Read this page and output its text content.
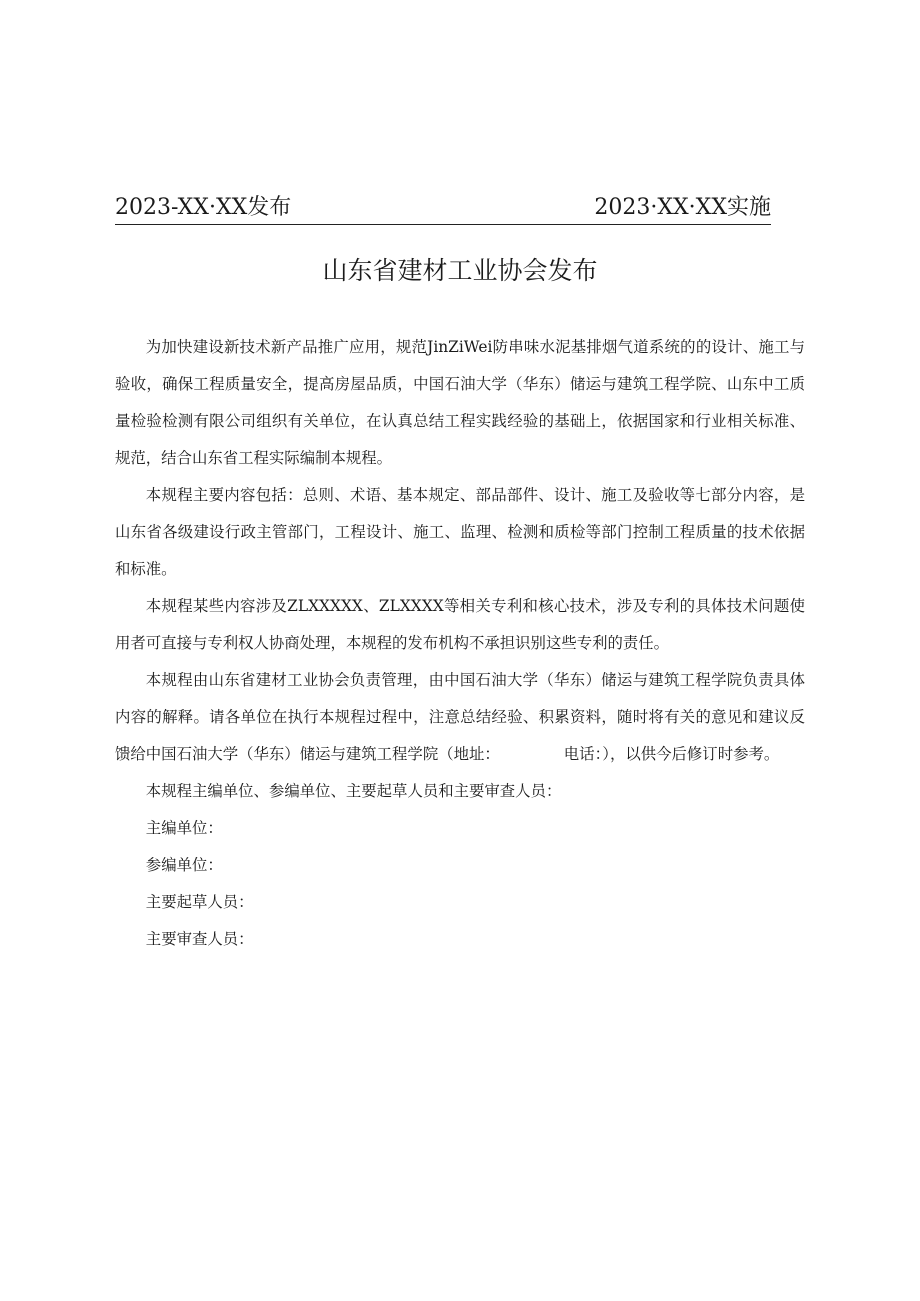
2023-XX·XX发布	2023·XX·XX实施
山东省建材工业协会发布

为加快建设新技术新产品推广应用，规范JinZiWei防串味水泥基排烟气道系统的的设计、施工与验收，确保工程质量安全，提高房屋品质，中国石油大学（华东）储运与建筑工程学院、山东中工质量检验检测有限公司组织有关单位，在认真总结工程实践经验的基础上，依据国家和行业相关标准、规范，结合山东省工程实际编制本规程。

本规程主要内容包括：总则、术语、基本规定、部品部件、设计、施工及验收等七部分内容，是山东省各级建设行政主管部门，工程设计、施工、监理、检测和质检等部门控制工程质量的技术依据和标准。

本规程某些内容涉及ZLXXXXX、ZLXXXX等相关专利和核心技术，涉及专利的具体技术问题使用者可直接与专利权人协商处理，本规程的发布机构不承担识别这些专利的责任。

本规程由山东省建材工业协会负责管理，由中国石油大学（华东）储运与建筑工程学院负责具体内容的解释。请各单位在执行本规程过程中，注意总结经验、积累资料，随时将有关的意见和建议反馈给中国石油大学（华东）储运与建筑工程学院（地址：	电话：），以供今后修订时参考。

本规程主编单位、参编单位、主要起草人员和主要审查人员：

主编单位：

参编单位：

主要起草人员：

主要审查人员：
